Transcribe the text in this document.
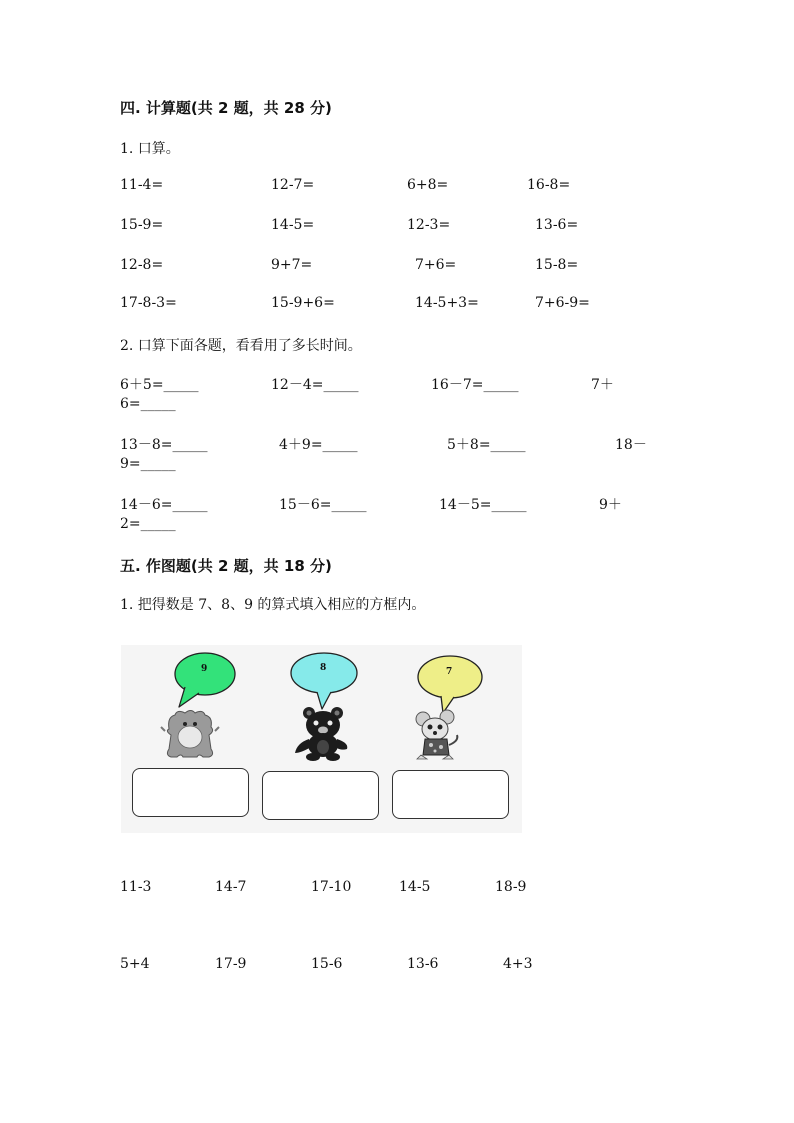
四. 计算题(共 2 题，共 28 分)
1. 口算。
11-4=	12-7=	6+8=	16-8=
15-9=	14-5=	12-3=	13-6=
12-8=	9+7=	7+6=	15-8=
17-8-3=	15-9+6=	14-5+3=	7+6-9=
2. 口算下面各题，看看用了多长时间。
6＋5=_____	12－4=_____	16－7=_____	7＋
6=_____
13－8=_____	4＋9=_____	5＋8=_____	18－
9=_____
14－6=_____	15－6=_____	14－5=_____	9＋
2=_____
五. 作图题(共 2 题，共 18 分)
1. 把得数是 7、8、9 的算式填入相应的方框内。
9	8	7
11-3	14-7	17-10	14-5	18-9
5+4	17-9	15-6	13-6	4+3
